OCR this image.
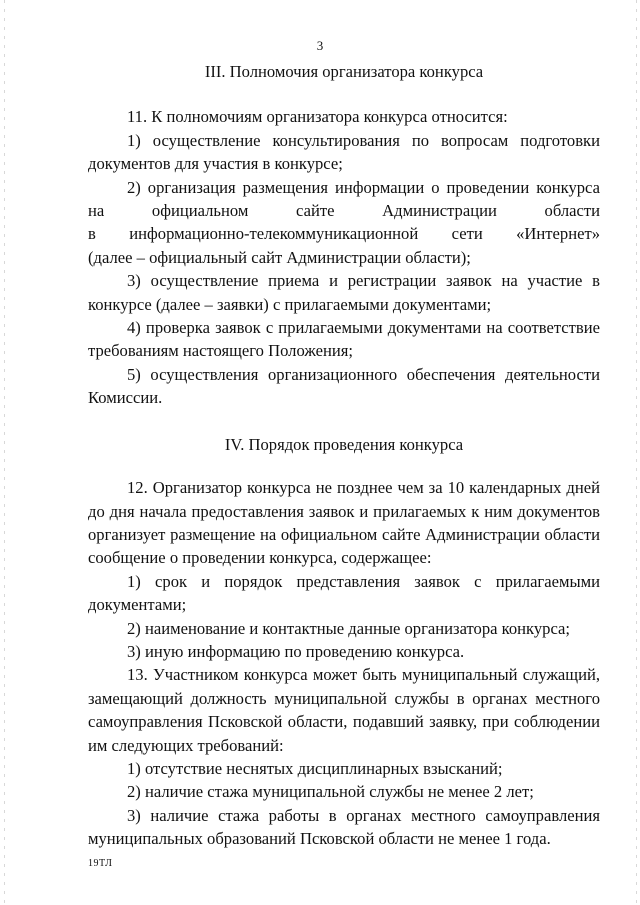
3
III. Полномочия организатора конкурса

11. К полномочиям организатора конкурса относится:

1) осуществление консультирования по вопросам подготовки

документов для участия в конкурсе;

2) организация размещения информации о проведении конкурса

на официальном сайте Администрации области

в информационно-телекоммуникационной сети «Интернет»

(далее – официальный сайт Администрации области);

3) осуществление приема и регистрации заявок на участие в конкурсе (далее – заявки) с прилагаемыми документами;

4) проверка заявок с прилагаемыми документами на соответствие требованиям настоящего Положения;

5) осуществления организационного обеспечения деятельности Комиссии.

IV. Порядок проведения конкурса

12. Организатор конкурса не позднее чем за 10 календарных дней до дня начала предоставления заявок и прилагаемых к ним документов организует размещение на официальном сайте Администрации области сообщение о проведении конкурса, содержащее:

1) срок и порядок представления заявок с прилагаемыми документами;

2) наименование и контактные данные организатора конкурса;

3) иную информацию по проведению конкурса.

13. Участником конкурса может быть муниципальный служащий, замещающий должность муниципальной службы в органах местного самоуправления Псковской области, подавший заявку, при соблюдении им следующих требований:

1) отсутствие неснятых дисциплинарных взысканий;

2) наличие стажа муниципальной службы не менее 2 лет;

3) наличие стажа работы в органах местного самоуправления муниципальных образований Псковской области не менее 1 года.

19ТЛ
